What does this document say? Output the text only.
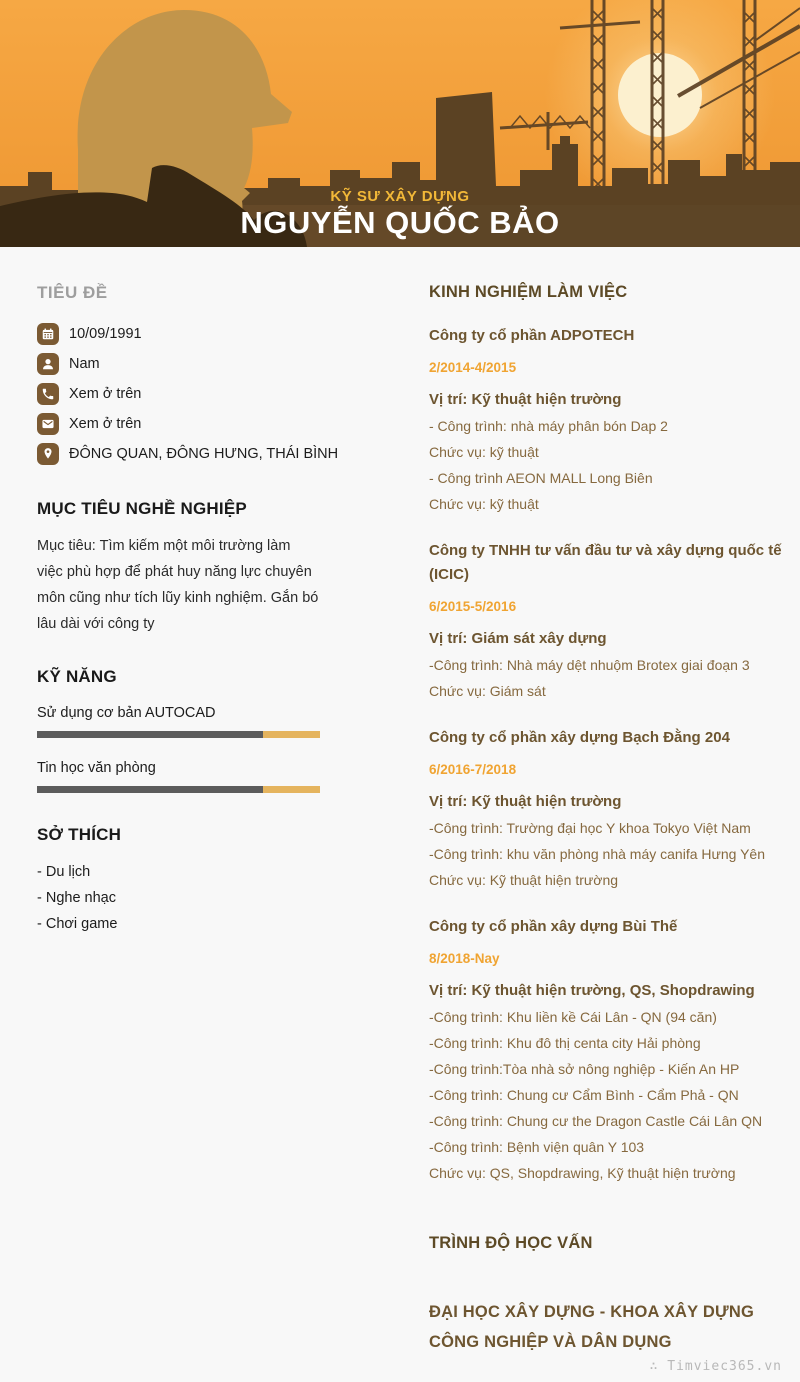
KỸ SƯ XÂY DỰNG
NGUYỄN QUỐC BẢO
TIÊU ĐỀ
10/09/1991
Nam
Xem ở trên
Xem ở trên
ĐÔNG QUAN, ĐÔNG HƯNG, THÁI BÌNH
MỤC TIÊU NGHỀ NGHIỆP
Mục tiêu: Tìm kiếm một môi trường làm việc phù hợp để phát huy năng lực chuyên môn cũng như tích lũy kinh nghiệm. Gắn bó lâu dài với công ty
KỸ NĂNG
Sử dụng cơ bản AUTOCAD
Tin học văn phòng
SỞ THÍCH
- Du lịch
- Nghe nhạc
- Chơi game
KINH NGHIỆM LÀM VIỆC
Công ty cổ phần ADPOTECH
2/2014-4/2015
Vị trí: Kỹ thuật hiện trường
- Công trình: nhà máy phân bón Dap 2
Chức vụ: kỹ thuật
- Công trình AEON MALL Long Biên
Chức vụ: kỹ thuật
Công ty TNHH tư vấn đầu tư và xây dựng quốc tế (ICIC)
6/2015-5/2016
Vị trí: Giám sát xây dựng
-Công trình: Nhà máy dệt nhuộm Brotex giai đoạn 3
Chức vụ: Giám sát
Công ty cổ phần xây dựng Bạch Đằng 204
6/2016-7/2018
Vị trí: Kỹ thuật hiện trường
-Công trình: Trường đại học Y khoa Tokyo Việt Nam
-Công trình: khu văn phòng nhà máy canifa Hưng Yên
Chức vụ: Kỹ thuật hiện trường
Công ty cổ phần xây dựng Bùi Thế
8/2018-Nay
Vị trí: Kỹ thuật hiện trường, QS, Shopdrawing
-Công trình: Khu liền kề Cái Lân - QN (94 căn)
-Công trình: Khu đô thị centa city Hải phòng
-Công trình:Tòa nhà sở nông nghiệp - Kiến An HP
-Công trình: Chung cư Cẩm Bình - Cẩm Phả - QN
-Công trình: Chung cư the Dragon Castle Cái Lân QN
-Công trình: Bệnh viện quân Y 103
Chức vụ: QS, Shopdrawing, Kỹ thuật hiện trường
TRÌNH ĐỘ HỌC VẤN
ĐẠI HỌC XÂY DỰNG - KHOA XÂY DỰNG CÔNG NGHIỆP VÀ DÂN DỤNG
∴ Timviec365.vn
